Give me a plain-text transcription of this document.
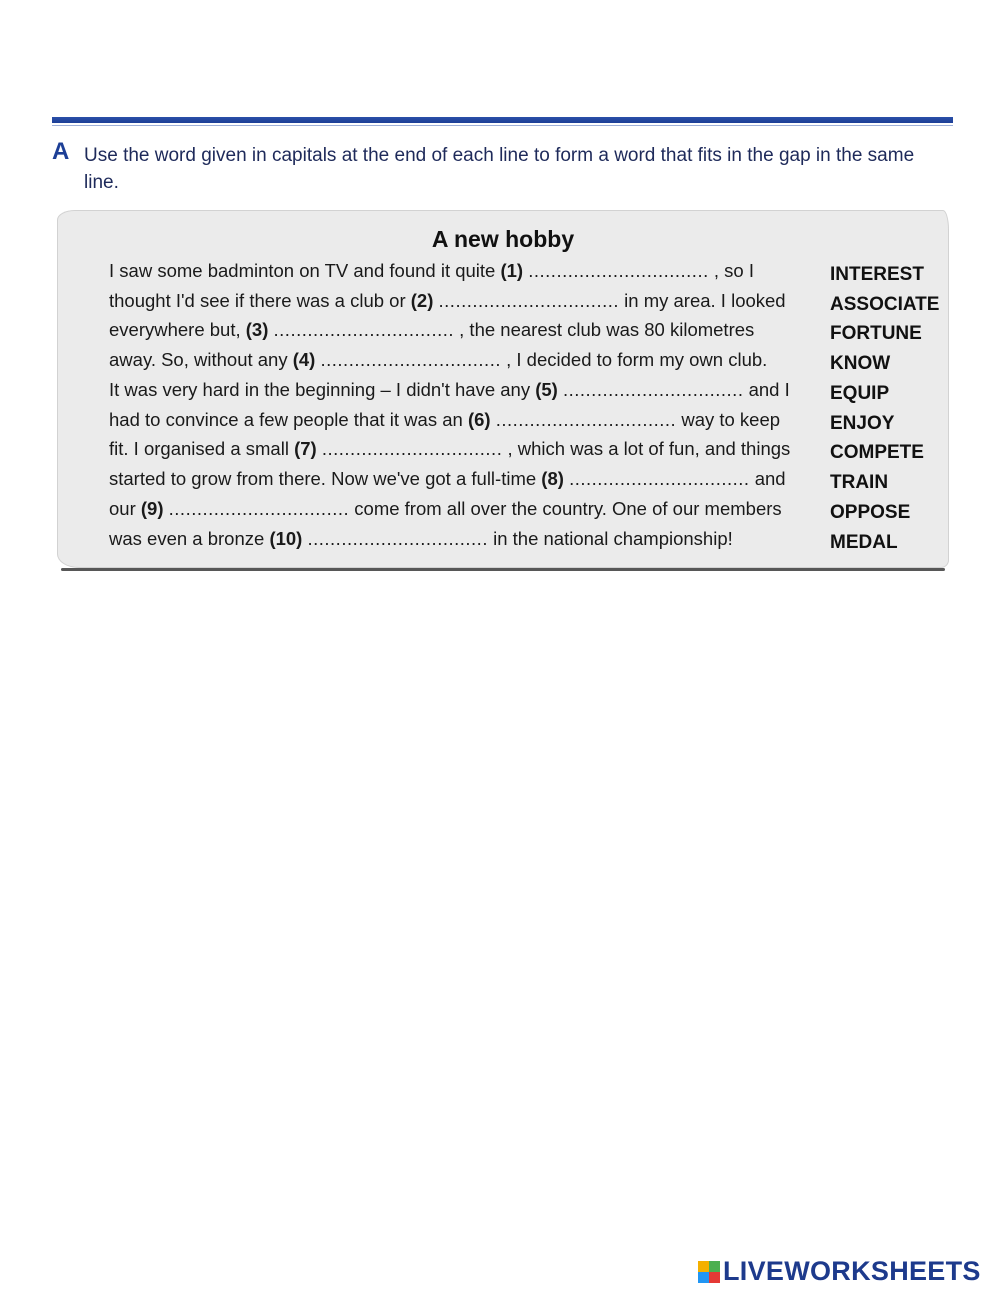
A Use the word given in capitals at the end of each line to form a word that fits in the gap in the same line.
A new hobby
I saw some badminton on TV and found it quite (1) ................................ , so I	INTEREST
thought I'd see if there was a club or (2) ................................ in my area. I looked ASSOCIATE
everywhere but, (3) ................................ , the nearest club was 80 kilometres	FORTUNE
away. So, without any (4) ................................ , I decided to form my own club.	KNOW
It was very hard in the beginning – I didn't have any (5) ................................ and I EQUIP
had to convince a few people that it was an (6) ................................ way to keep	ENJOY
fit. I organised a small (7) ................................ , which was a lot of fun, and things COMPETE
started to grow from there. Now we've got a full-time (8) ................................ and TRAIN
our (9) ................................ come from all over the country. One of our members	OPPOSE
was even a bronze (10) ................................ in the national championship!	MEDAL
LIVEWORKSHEETS
